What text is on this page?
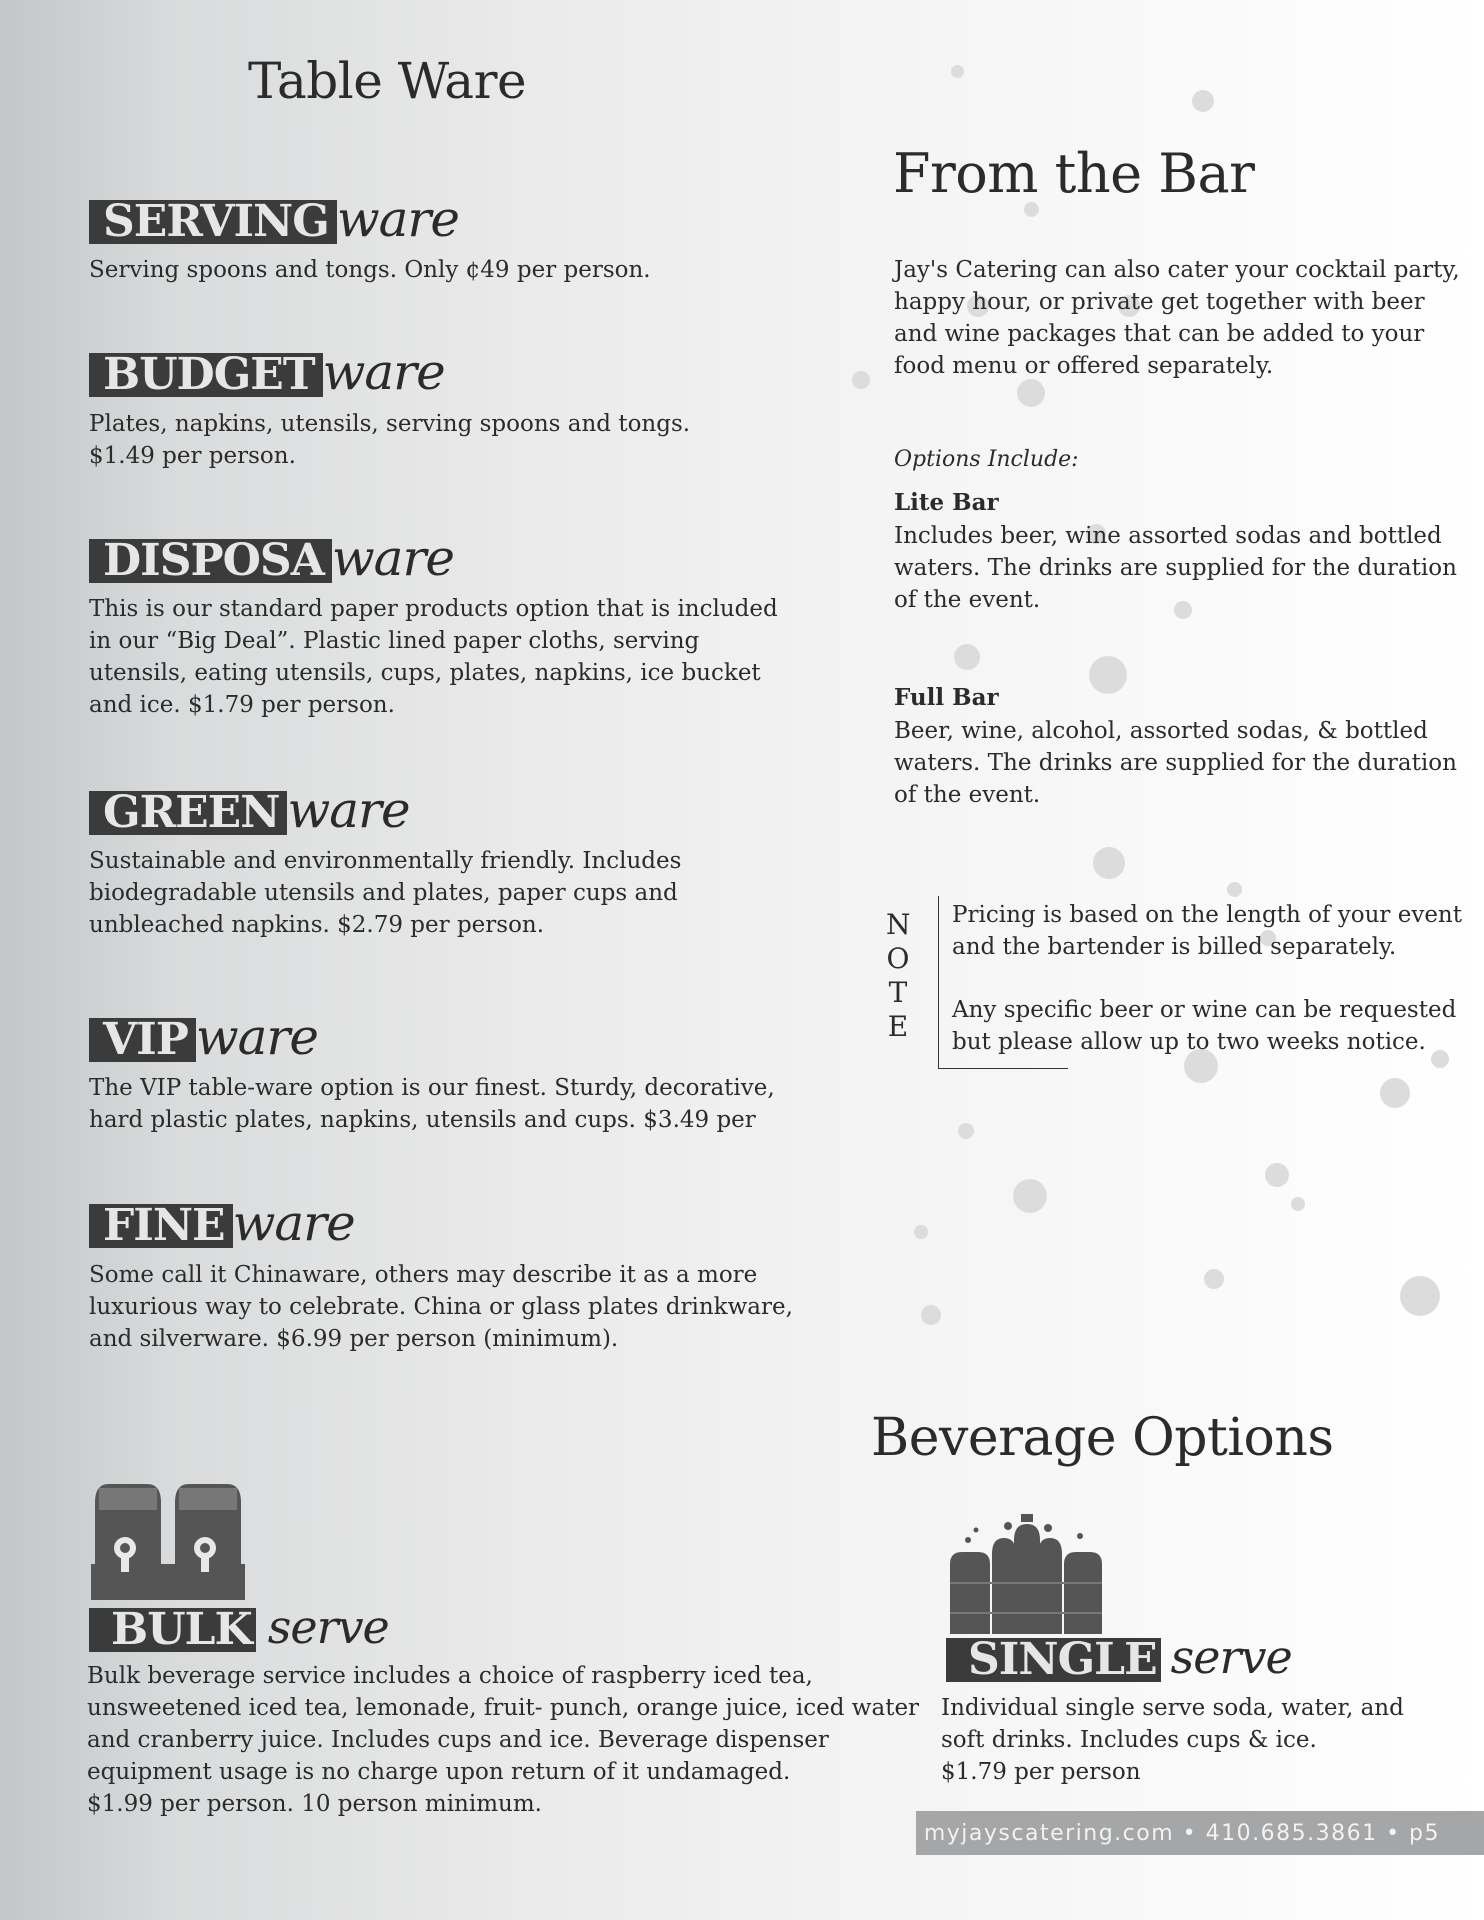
Table Ware
SERVING ware
Serving spoons and tongs. Only ¢49 per person.
BUDGET ware
Plates, napkins, utensils, serving spoons and tongs.
$1.49 per person.
DISPOSA ware
This is our standard paper products option that is included
in our “Big Deal”. Plastic lined paper cloths, serving
utensils, eating utensils, cups, plates, napkins, ice bucket
and ice. $1.79 per person.
GREEN ware
Sustainable and environmentally friendly. Includes
biodegradable utensils and plates, paper cups and
unbleached napkins. $2.79 per person.
VIP ware
The VIP table-ware option is our finest. Sturdy, decorative,
hard plastic plates, napkins, utensils and cups. $3.49 per
FINE ware
Some call it Chinaware, others may describe it as a more
luxurious way to celebrate. China or glass plates drinkware,
and silverware. $6.99 per person (minimum).
BULK serve
Bulk beverage service includes a choice of raspberry iced tea,
unsweetened iced tea, lemonade, fruit- punch, orange juice, iced water
and cranberry juice. Includes cups and ice. Beverage dispenser
equipment usage is no charge upon return of it undamaged.
$1.99 per person. 10 person minimum.
From the Bar
Jay's Catering can also cater your cocktail party,
happy hour, or private get together with beer
and wine packages that can be added to your
food menu or offered separately.
Options Include:
Lite Bar
Includes beer, wine assorted sodas and bottled
waters. The drinks are supplied for the duration
of the event.
Full Bar
Beer, wine, alcohol, assorted sodas, & bottled
waters. The drinks are supplied for the duration
of the event.
N
O
T
E
Pricing is based on the length of your event
and the bartender is billed separately.
Any specific beer or wine can be requested
but please allow up to two weeks notice.
Beverage Options
SINGLE serve
Individual single serve soda, water, and
soft drinks. Includes cups & ice.
$1.79 per person
myjayscatering.com • 410.685.3861 • p5
